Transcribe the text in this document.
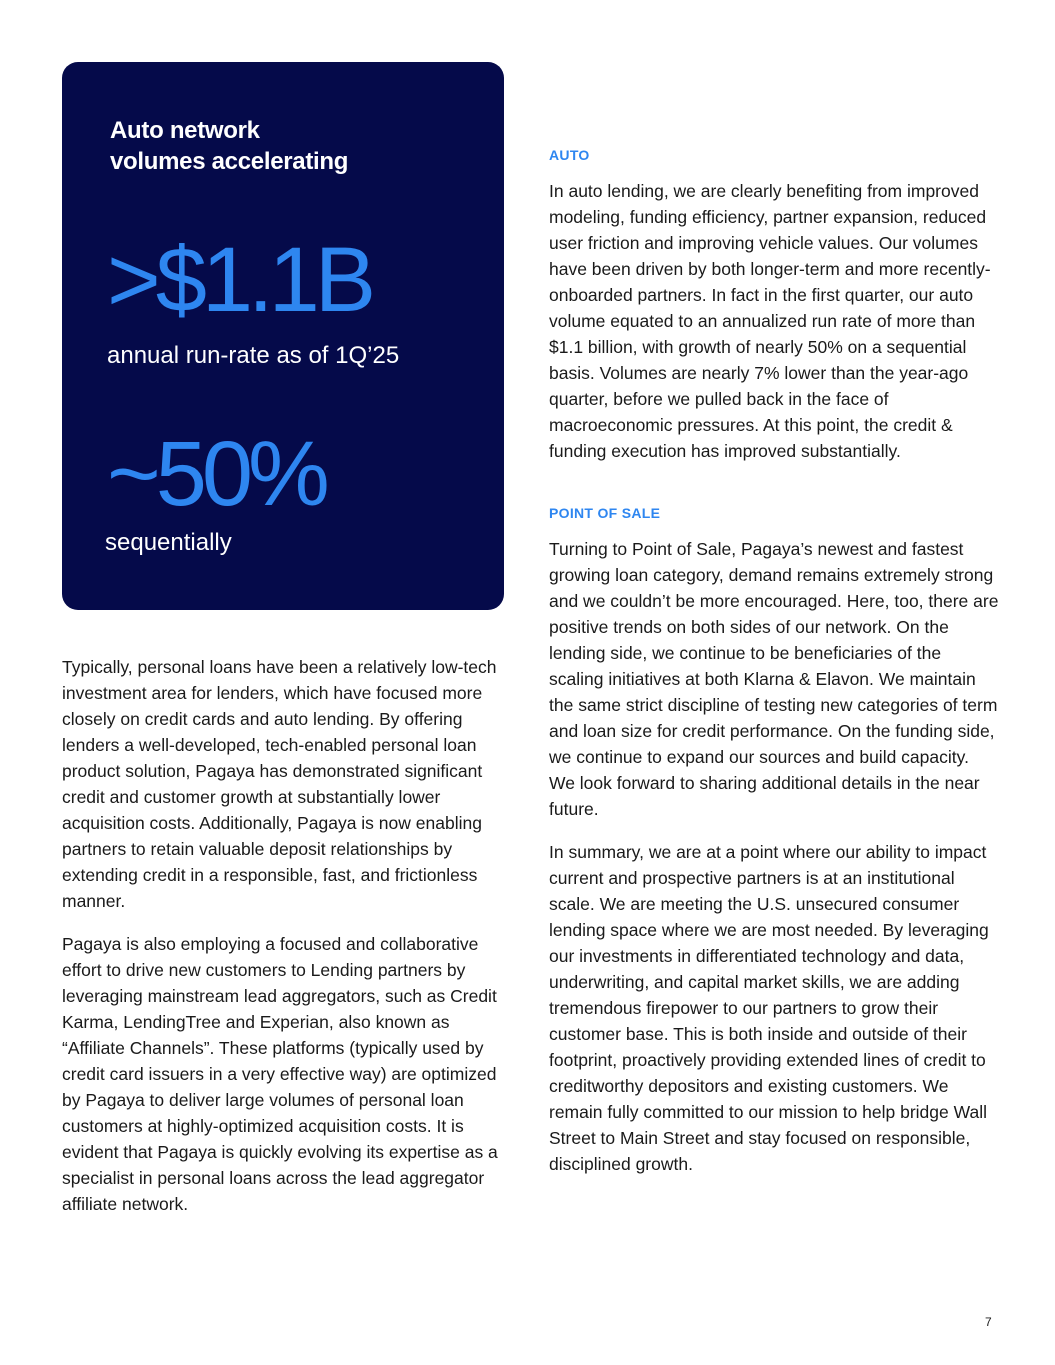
Auto network
volumes accelerating
>$1.1B
annual run-rate as of 1Q’25
~50%
sequentially

Typically, personal loans have been a relatively low-tech investment area for lenders, which have focused more closely on credit cards and auto lending. By offering lenders a well-developed, tech-enabled personal loan product solution, Pagaya has demonstrated significant credit and customer growth at substantially lower acquisition costs. Additionally, Pagaya is now enabling partners to retain valuable deposit relationships by extending credit in a responsible, fast, and frictionless manner.

Pagaya is also employing a focused and collaborative effort to drive new customers to Lending partners by leveraging mainstream lead aggregators, such as Credit Karma, LendingTree and Experian, also known as “Affiliate Channels”. These platforms (typically used by credit card issuers in a very effective way) are optimized by Pagaya to deliver large volumes of personal loan customers at highly-optimized acquisition costs. It is evident that Pagaya is quickly evolving its expertise as a specialist in personal loans across the lead aggregator affiliate network.

AUTO

In auto lending, we are clearly benefiting from improved modeling, funding efficiency, partner expansion, reduced user friction and improving vehicle values. Our volumes have been driven by both longer-term and more recently-onboarded partners. In fact in the first quarter, our auto volume equated to an annualized run rate of more than $1.1 billion, with growth of nearly 50% on a sequential basis. Volumes are nearly 7% lower than the year-ago quarter, before we pulled back in the face of macroeconomic pressures. At this point, the credit & funding execution has improved substantially.

POINT OF SALE

Turning to Point of Sale, Pagaya’s newest and fastest growing loan category, demand remains extremely strong and we couldn’t be more encouraged. Here, too, there are positive trends on both sides of our network. On the lending side, we continue to be beneficiaries of the scaling initiatives at both Klarna & Elavon. We maintain the same strict discipline of testing new categories of term and loan size for credit performance. On the funding side, we continue to expand our sources and build capacity. We look forward to sharing additional details in the near future.

In summary, we are at a point where our ability to impact current and prospective partners is at an institutional scale. We are meeting the U.S. unsecured consumer lending space where we are most needed. By leveraging our investments in differentiated technology and data, underwriting, and capital market skills, we are adding tremendous firepower to our partners to grow their customer base. This is both inside and outside of their footprint, proactively providing extended lines of credit to creditworthy depositors and existing customers. We remain fully committed to our mission to help bridge Wall Street to Main Street and stay focused on responsible, disciplined growth.

7
